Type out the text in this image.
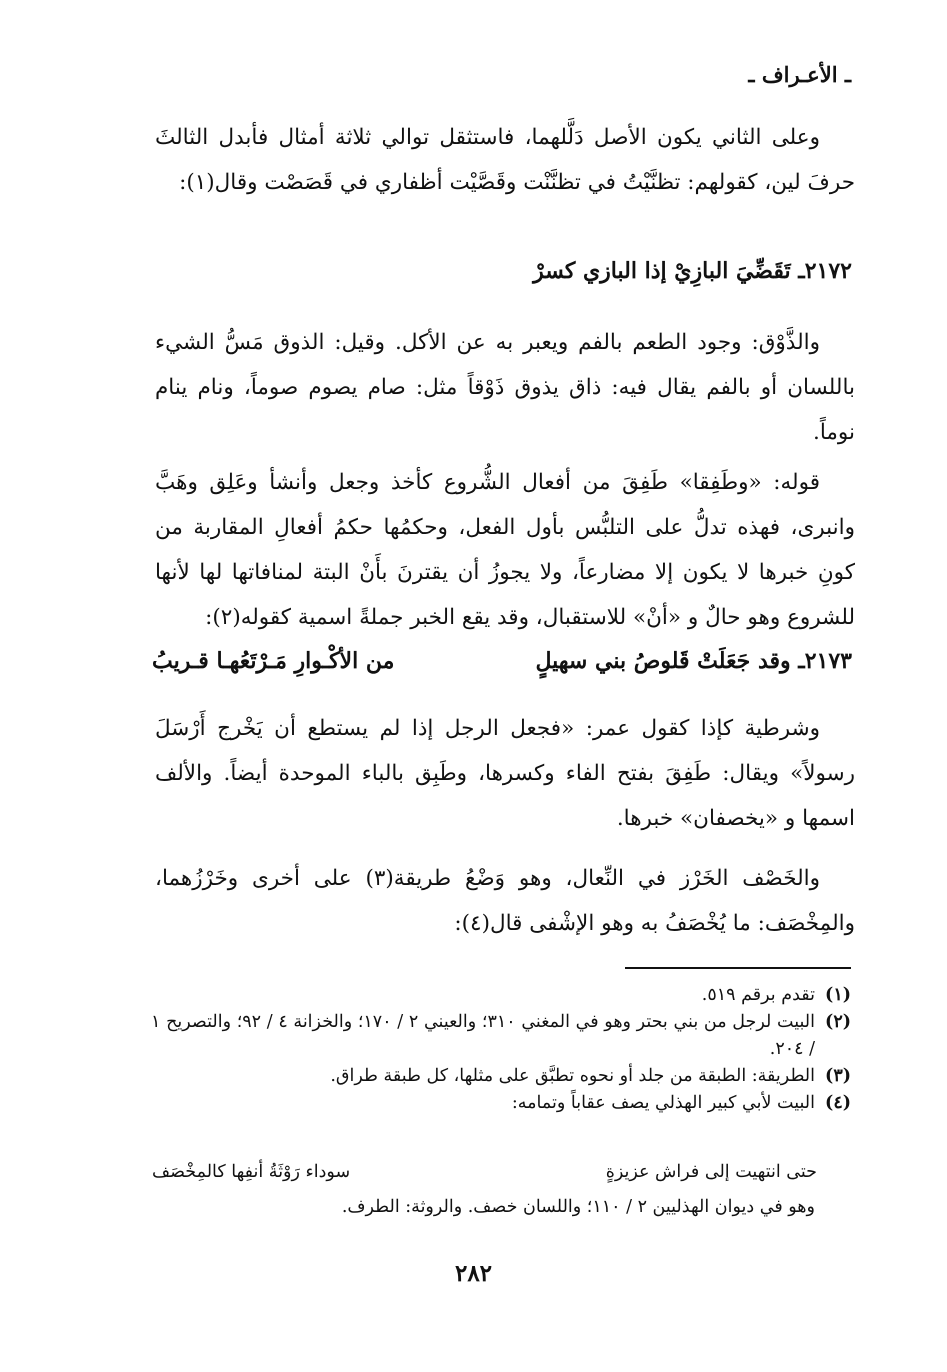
ـ الأعـراف ـ

وعلى الثاني يكون الأصل دَلَّلهما، فاستثقل توالي ثلاثة أمثال فأبدل الثالثَ حرفَ لين، كقولهم: تظنَّيْتُ في تظنَّنْت وقَصَّيْت أظفاري في قَصَصْت وقال(١):

٢١٧٢ـ تَقَضِّيَ البازِيْ إذا البازي كسرْ

والذَّوْق: وجود الطعم بالفم ويعبر به عن الأكل. وقيل: الذوق مَسُّ الشيء باللسان أو بالفم يقال فيه: ذاق يذوق ذَوْقاً مثل: صام يصوم صوماً، ونام ينام نوماً.

قوله: «وطَفِقا» طَفِقَ من أفعال الشُّروع كأخذ وجعل وأنشأ وعَلِق وهَبَّ وانبرى، فهذه تدلُّ على التلبُّس بأول الفعل، وحكمُها حكمُ أفعالِ المقاربة من كونِ خبرها لا يكون إلا مضارعاً، ولا يجوزُ أن يقترنَ بأَنْ البتة لمنافاتها لها لأنها للشروع وهو حالٌ و «أنْ» للاستقبال، وقد يقع الخبر جملةً اسمية كقوله(٢):

٢١٧٣ـ وقد جَعَلَتْ قَلوصُ بني سهيلٍ
من الأكْـوارِ مَـرْتَعُهـا قـريبُ

وشرطية كإذا كقول عمر: «فجعل الرجل إذا لم يستطع أن يَخْرج أَرْسَلَ رسولاً» ويقال: طَفِقَ بفتح الفاء وكسرها، وطَبِق بالباء الموحدة أيضاً. والألف اسمها و «يخصفان» خبرها.

والخَصْف الخَرْز في النِّعال، وهو وَضْعُ طريقة(٣) على أخرى وخَرْزُهما، والمِخْصَف: ما يُخْصَفُ به وهو الإشْفى قال(٤):

(١)
تقدم برقم ٥١٩.
(٢)
البيت لرجل من بني بحتر وهو في المغني ٣١٠؛ والعيني ٢ / ١٧٠؛ والخزانة ٤ / ٩٢؛ والتصريح ١ / ٢٠٤.
(٣)
الطريقة: الطبقة من جلد أو نحوه تطبَّق على مثلها، كل طبقة طراق.
(٤)
البيت لأبي كبير الهذلي يصف عقاباً وتمامه:
حتى انتهيت إلى فراش عزيزةٍ
سوداء رَوْثَةُ أنفِها كالمِخْصَف
وهو في ديوان الهذليين ٢ / ١١٠؛ واللسان خصف. والروثة: الطرف.
٢٨٢
